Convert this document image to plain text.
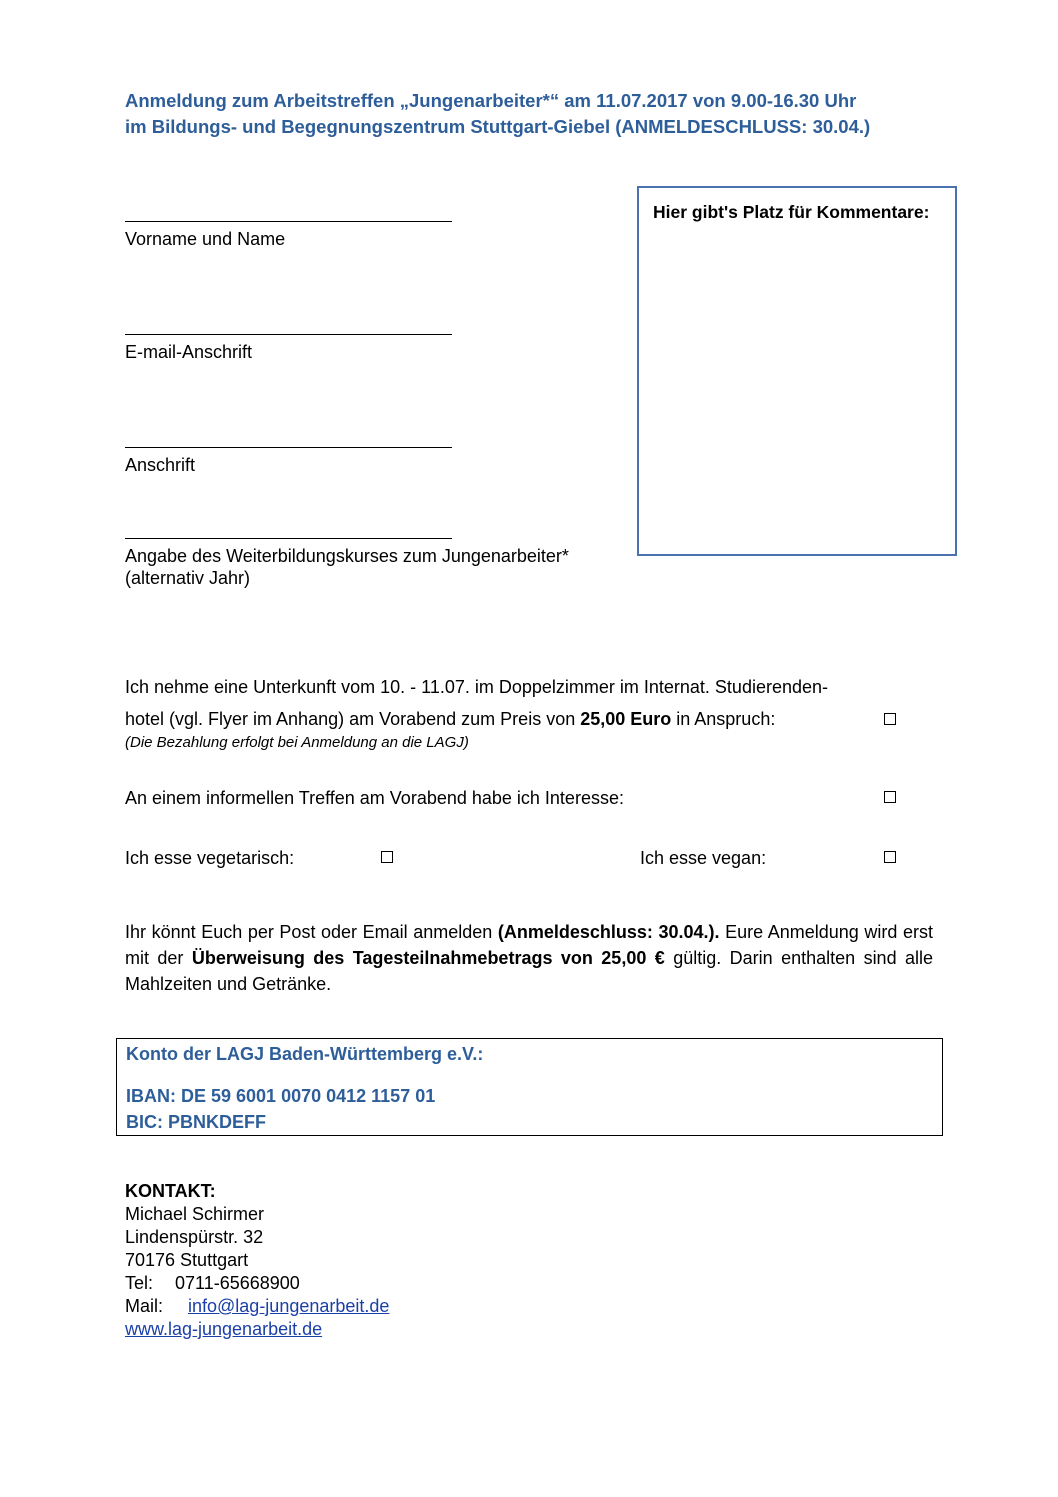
Anmeldung zum Arbeitstreffen „Jungenarbeiter*“ am 11.07.2017 von 9.00-16.30 Uhr
im Bildungs- und Begegnungszentrum Stuttgart-Giebel (ANMELDESCHLUSS: 30.04.)
Vorname und Name
E-mail-Anschrift
Anschrift
Angabe des Weiterbildungskurses zum Jungenarbeiter*
(alternativ Jahr)
Hier gibt's Platz für Kommentare:
Ich nehme eine Unterkunft vom 10. - 11.07. im Doppelzimmer im Internat. Studierenden-
hotel (vgl. Flyer im Anhang) am Vorabend zum Preis von 25,00 Euro in Anspruch:
(Die Bezahlung erfolgt bei Anmeldung an die LAGJ)
An einem informellen Treffen am Vorabend habe ich Interesse:
Ich esse vegetarisch:	Ich esse vegan:
Ihr könnt Euch per Post oder Email anmelden (Anmeldeschluss: 30.04.). Eure Anmeldung wird erst mit der Überweisung des Tagesteilnahmebetrags von 25,00 € gültig. Darin enthalten sind alle Mahlzeiten und Getränke.
Konto der LAGJ Baden-Württemberg e.V.:
IBAN: DE 59 6001 0070 0412 1157 01
BIC: PBNKDEFF
KONTAKT:
Michael Schirmer
Lindenspürstr. 32
70176 Stuttgart
Tel: 0711-65668900
Mail: info@lag-jungenarbeit.de
www.lag-jungenarbeit.de
